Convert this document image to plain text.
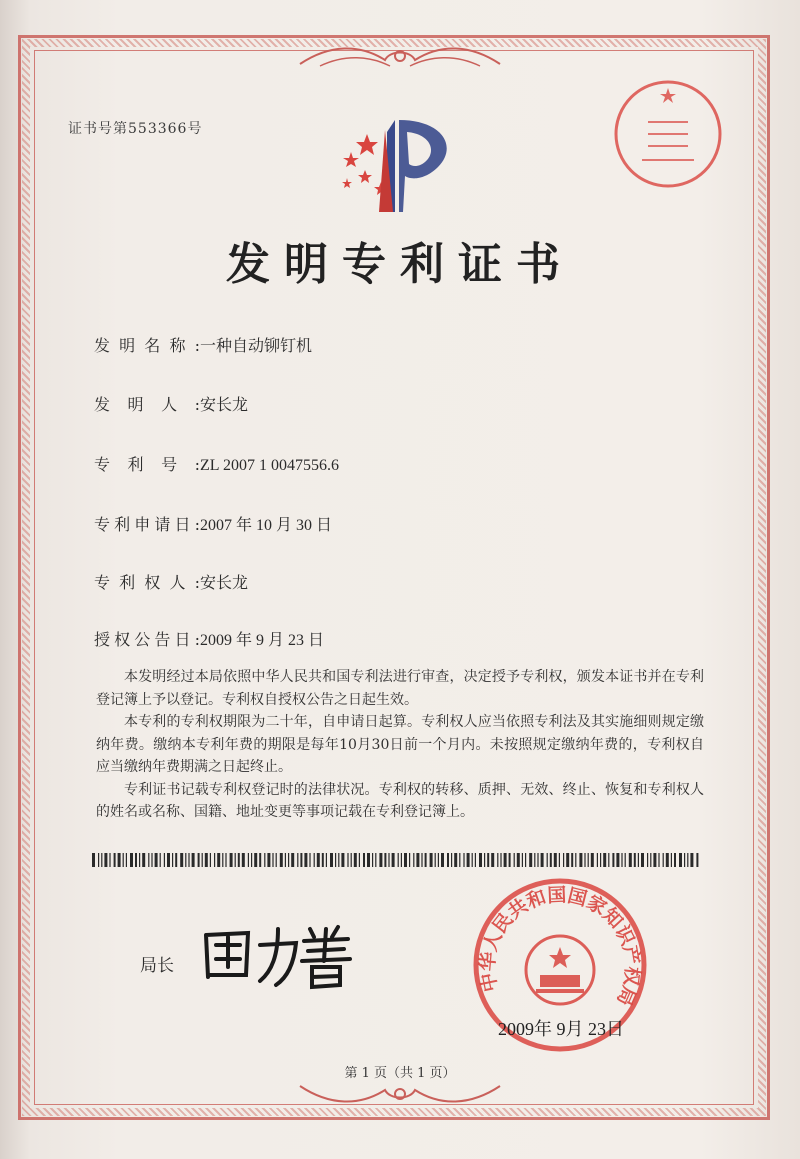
证书号第553366号
发明专利证书
发明名称:一种自动铆钉机
发明人:安长龙
专利号:ZL 2007 1 0047556.6
专利申请日:2007 年 10 月 30 日
专利权人:安长龙
授权公告日:2009 年 9 月 23 日

本发明经过本局依照中华人民共和国专利法进行审查，决定授予专利权，颁发本证书并在专利登记簿上予以登记。专利权自授权公告之日起生效。

本专利的专利权期限为二十年，自申请日起算。专利权人应当依照专利法及其实施细则规定缴纳年费。缴纳本专利年费的期限是每年10月30日前一个月内。未按照规定缴纳年费的，专利权自应当缴纳年费期满之日起终止。

专利证书记载专利权登记时的法律状况。专利权的转移、质押、无效、终止、恢复和专利权人的姓名或名称、国籍、地址变更等事项记载在专利登记簿上。

局长
中华人民共和国国家知识产权局
2009年 9月 23日
第 1 页（共 1 页）
